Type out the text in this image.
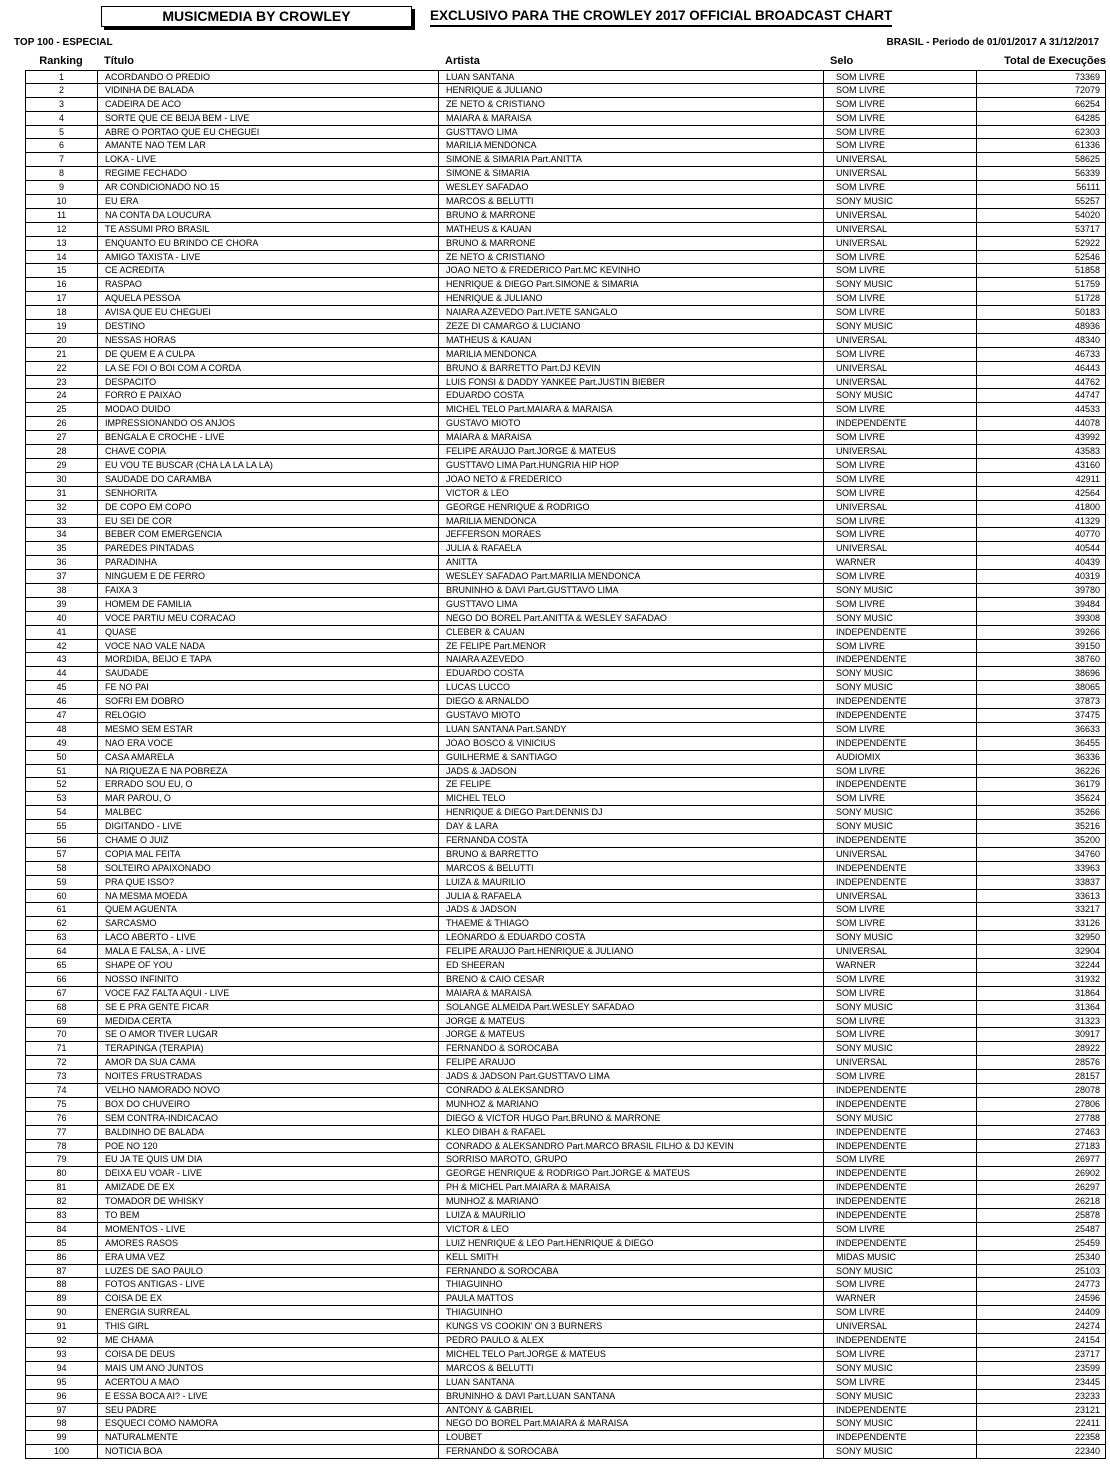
MUSICMEDIA BY CROWLEY	EXCLUSIVO PARA THE CROWLEY 2017 OFFICIAL BROADCAST CHART
TOP 100 - ESPECIAL	BRASIL - Periodo de 01/01/2017 A 31/12/2017
Ranking	Título	Artista	Selo	Total de Execuções
1	ACORDANDO O PREDIO	LUAN SANTANA	SOM LIVRE	73369
2	VIDINHA DE BALADA	HENRIQUE & JULIANO	SOM LIVRE	72079
3	CADEIRA DE ACO	ZE NETO & CRISTIANO	SOM LIVRE	66254
4	SORTE QUE CE BEIJA BEM - LIVE	MAIARA & MARAISA	SOM LIVRE	64285
5	ABRE O PORTAO QUE EU CHEGUEI	GUSTTAVO LIMA	SOM LIVRE	62303
6	AMANTE NAO TEM LAR	MARILIA MENDONCA	SOM LIVRE	61336
7	LOKA - LIVE	SIMONE & SIMARIA Part.ANITTA	UNIVERSAL	58625
8	REGIME FECHADO	SIMONE & SIMARIA	UNIVERSAL	56339
9	AR CONDICIONADO NO 15	WESLEY SAFADAO	SOM LIVRE	56111
10	EU ERA	MARCOS & BELUTTI	SONY MUSIC	55257
11	NA CONTA DA LOUCURA	BRUNO & MARRONE	UNIVERSAL	54020
12	TE ASSUMI PRO BRASIL	MATHEUS & KAUAN	UNIVERSAL	53717
13	ENQUANTO EU BRINDO CE CHORA	BRUNO & MARRONE	UNIVERSAL	52922
14	AMIGO TAXISTA - LIVE	ZE NETO & CRISTIANO	SOM LIVRE	52546
15	CE ACREDITA	JOAO NETO & FREDERICO Part.MC KEVINHO	SOM LIVRE	51858
16	RASPAO	HENRIQUE & DIEGO Part.SIMONE & SIMARIA	SONY MUSIC	51759
17	AQUELA PESSOA	HENRIQUE & JULIANO	SOM LIVRE	51728
18	AVISA QUE EU CHEGUEI	NAIARA AZEVEDO Part.IVETE SANGALO	SOM LIVRE	50183
19	DESTINO	ZEZE DI CAMARGO & LUCIANO	SONY MUSIC	48936
20	NESSAS HORAS	MATHEUS & KAUAN	UNIVERSAL	48340
21	DE QUEM E A CULPA	MARILIA MENDONCA	SOM LIVRE	46733
22	LA SE FOI O BOI COM A CORDA	BRUNO & BARRETTO Part.DJ KEVIN	UNIVERSAL	46443
23	DESPACITO	LUIS FONSI & DADDY YANKEE Part.JUSTIN BIEBER	UNIVERSAL	44762
24	FORRO E PAIXAO	EDUARDO COSTA	SONY MUSIC	44747
25	MODAO DUIDO	MICHEL TELO Part.MAIARA & MARAISA	SOM LIVRE	44533
26	IMPRESSIONANDO OS ANJOS	GUSTAVO MIOTO	INDEPENDENTE	44078
27	BENGALA E CROCHE - LIVE	MAIARA & MARAISA	SOM LIVRE	43992
28	CHAVE COPIA	FELIPE ARAUJO Part.JORGE & MATEUS	UNIVERSAL	43583
29	EU VOU TE BUSCAR (CHA LA LA LA LA)	GUSTTAVO LIMA Part.HUNGRIA HIP HOP	SOM LIVRE	43160
30	SAUDADE DO CARAMBA	JOAO NETO & FREDERICO	SOM LIVRE	42911
31	SENHORITA	VICTOR & LEO	SOM LIVRE	42564
32	DE COPO EM COPO	GEORGE HENRIQUE & RODRIGO	UNIVERSAL	41800
33	EU SEI DE COR	MARILIA MENDONCA	SOM LIVRE	41329
34	BEBER COM EMERGENCIA	JEFFERSON MORAES	SOM LIVRE	40770
35	PAREDES PINTADAS	JULIA & RAFAELA	UNIVERSAL	40544
36	PARADINHA	ANITTA	WARNER	40439
37	NINGUEM E DE FERRO	WESLEY SAFADAO Part.MARILIA MENDONCA	SOM LIVRE	40319
38	FAIXA 3	BRUNINHO & DAVI Part.GUSTTAVO LIMA	SONY MUSIC	39780
39	HOMEM DE FAMILIA	GUSTTAVO LIMA	SOM LIVRE	39484
40	VOCE PARTIU MEU CORACAO	NEGO DO BOREL Part.ANITTA & WESLEY SAFADAO	SONY MUSIC	39308
41	QUASE	CLEBER & CAUAN	INDEPENDENTE	39266
42	VOCE NAO VALE NADA	ZE FELIPE Part.MENOR	SOM LIVRE	39150
43	MORDIDA, BEIJO E TAPA	NAIARA AZEVEDO	INDEPENDENTE	38760
44	SAUDADE	EDUARDO COSTA	SONY MUSIC	38696
45	FE NO PAI	LUCAS LUCCO	SONY MUSIC	38065
46	SOFRI EM DOBRO	DIEGO & ARNALDO	INDEPENDENTE	37873
47	RELOGIO	GUSTAVO MIOTO	INDEPENDENTE	37475
48	MESMO SEM ESTAR	LUAN SANTANA Part.SANDY	SOM LIVRE	36633
49	NAO ERA VOCE	JOAO BOSCO & VINICIUS	INDEPENDENTE	36455
50	CASA AMARELA	GUILHERME & SANTIAGO	AUDIOMIX	36336
51	NA RIQUEZA E NA POBREZA	JADS & JADSON	SOM LIVRE	36226
52	ERRADO SOU EU, O	ZE FELIPE	INDEPENDENTE	36179
53	MAR PAROU, O	MICHEL TELO	SOM LIVRE	35624
54	MALBEC	HENRIQUE & DIEGO Part.DENNIS DJ	SONY MUSIC	35266
55	DIGITANDO - LIVE	DAY & LARA	SONY MUSIC	35216
56	CHAME O JUIZ	FERNANDA COSTA	INDEPENDENTE	35200
57	COPIA MAL FEITA	BRUNO & BARRETTO	UNIVERSAL	34760
58	SOLTEIRO APAIXONADO	MARCOS & BELUTTI	INDEPENDENTE	33963
59	PRA QUE ISSO?	LUIZA & MAURILIO	INDEPENDENTE	33837
60	NA MESMA MOEDA	JULIA & RAFAELA	UNIVERSAL	33613
61	QUEM AGUENTA	JADS & JADSON	SOM LIVRE	33217
62	SARCASMO	THAEME & THIAGO	SOM LIVRE	33126
63	LACO ABERTO - LIVE	LEONARDO & EDUARDO COSTA	SONY MUSIC	32950
64	MALA E FALSA, A - LIVE	FELIPE ARAUJO Part.HENRIQUE & JULIANO	UNIVERSAL	32904
65	SHAPE OF YOU	ED SHEERAN	WARNER	32244
66	NOSSO INFINITO	BRENO & CAIO CESAR	SOM LIVRE	31932
67	VOCE FAZ FALTA AQUI - LIVE	MAIARA & MARAISA	SOM LIVRE	31864
68	SE E PRA GENTE FICAR	SOLANGE ALMEIDA Part.WESLEY SAFADAO	SONY MUSIC	31364
69	MEDIDA CERTA	JORGE & MATEUS	SOM LIVRE	31323
70	SE O AMOR TIVER LUGAR	JORGE & MATEUS	SOM LIVRE	30917
71	TERAPINGA (TERAPIA)	FERNANDO & SOROCABA	SONY MUSIC	28922
72	AMOR DA SUA CAMA	FELIPE ARAUJO	UNIVERSAL	28576
73	NOITES FRUSTRADAS	JADS & JADSON Part.GUSTTAVO LIMA	SOM LIVRE	28157
74	VELHO NAMORADO NOVO	CONRADO & ALEKSANDRO	INDEPENDENTE	28078
75	BOX DO CHUVEIRO	MUNHOZ & MARIANO	INDEPENDENTE	27806
76	SEM CONTRA-INDICACAO	DIEGO & VICTOR HUGO Part.BRUNO & MARRONE	SONY MUSIC	27788
77	BALDINHO DE BALADA	KLEO DIBAH & RAFAEL	INDEPENDENTE	27463
78	POE NO 120	CONRADO & ALEKSANDRO Part.MARCO BRASIL FILHO & DJ KEVIN	INDEPENDENTE	27183
79	EU JA TE QUIS UM DIA	SORRISO MAROTO, GRUPO	SOM LIVRE	26977
80	DEIXA EU VOAR - LIVE	GEORGE HENRIQUE & RODRIGO Part.JORGE & MATEUS	INDEPENDENTE	26902
81	AMIZADE DE EX	PH & MICHEL Part.MAIARA & MARAISA	INDEPENDENTE	26297
82	TOMADOR DE WHISKY	MUNHOZ & MARIANO	INDEPENDENTE	26218
83	TO BEM	LUIZA & MAURILIO	INDEPENDENTE	25878
84	MOMENTOS - LIVE	VICTOR & LEO	SOM LIVRE	25487
85	AMORES RASOS	LUIZ HENRIQUE & LEO Part.HENRIQUE & DIEGO	INDEPENDENTE	25459
86	ERA UMA VEZ	KELL SMITH	MIDAS MUSIC	25340
87	LUZES DE SAO PAULO	FERNANDO & SOROCABA	SONY MUSIC	25103
88	FOTOS ANTIGAS - LIVE	THIAGUINHO	SOM LIVRE	24773
89	COISA DE EX	PAULA MATTOS	WARNER	24596
90	ENERGIA SURREAL	THIAGUINHO	SOM LIVRE	24409
91	THIS GIRL	KUNGS VS COOKIN' ON 3 BURNERS	UNIVERSAL	24274
92	ME CHAMA	PEDRO PAULO & ALEX	INDEPENDENTE	24154
93	COISA DE DEUS	MICHEL TELO Part.JORGE & MATEUS	SOM LIVRE	23717
94	MAIS UM ANO JUNTOS	MARCOS & BELUTTI	SONY MUSIC	23599
95	ACERTOU A MAO	LUAN SANTANA	SOM LIVRE	23445
96	E ESSA BOCA AI? - LIVE	BRUNINHO & DAVI Part.LUAN SANTANA	SONY MUSIC	23233
97	SEU PADRE	ANTONY & GABRIEL	INDEPENDENTE	23121
98	ESQUECI COMO NAMORA	NEGO DO BOREL Part.MAIARA & MARAISA	SONY MUSIC	22411
99	NATURALMENTE	LOUBET	INDEPENDENTE	22358
100	NOTICIA BOA	FERNANDO & SOROCABA	SONY MUSIC	22340
